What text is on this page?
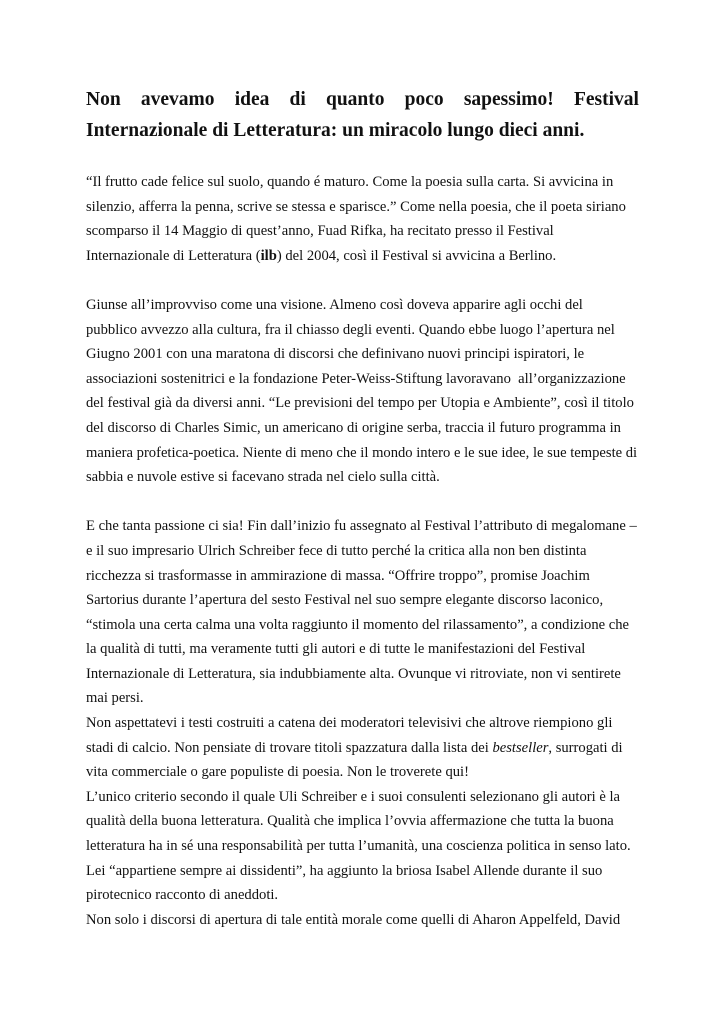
Non avevamo idea di quanto poco sapessimo! Festival
Internazionale di Letteratura: un miracolo lungo dieci anni.
“Il frutto cade felice sul suolo, quando é maturo. Come la poesia sulla carta. Si avvicina in
silenzio, afferra la penna, scrive se stessa e sparisce.” Come nella poesia, che il poeta siriano
scomparso il 14 Maggio di quest’anno, Fuad Rifka, ha recitato presso il Festival
Internazionale di Letteratura (ilb) del 2004, così il Festival si avvicina a Berlino.
Giunse all’improvviso come una visione. Almeno così doveva apparire agli occhi del
pubblico avvezzo alla cultura, fra il chiasso degli eventi. Quando ebbe luogo l’apertura nel
Giugno 2001 con una maratona di discorsi che definivano nuovi principi ispiratori, le
associazioni sostenitrici e la fondazione Peter-Weiss-Stiftung lavoravano  all’organizzazione
del festival già da diversi anni. “Le previsioni del tempo per Utopia e Ambiente”, così il titolo
del discorso di Charles Simic, un americano di origine serba, traccia il futuro programma in
maniera profetica-poetica. Niente di meno che il mondo intero e le sue idee, le sue tempeste di
sabbia e nuvole estive si facevano strada nel cielo sulla città.
E che tanta passione ci sia! Fin dall’inizio fu assegnato al Festival l’attributo di megalomane –
e il suo impresario Ulrich Schreiber fece di tutto perché la critica alla non ben distinta
ricchezza si trasformasse in ammirazione di massa. “Offrire troppo”, promise Joachim
Sartorius durante l’apertura del sesto Festival nel suo sempre elegante discorso laconico,
“stimola una certa calma una volta raggiunto il momento del rilassamento”, a condizione che
la qualità di tutti, ma veramente tutti gli autori e di tutte le manifestazioni del Festival
Internazionale di Letteratura, sia indubbiamente alta. Ovunque vi ritroviate, non vi sentirete
mai persi.
Non aspettatevi i testi costruiti a catena dei moderatori televisivi che altrove riempiono gli
stadi di calcio. Non pensiate di trovare titoli spazzatura dalla lista dei bestseller, surrogati di
vita commerciale o gare populiste di poesia. Non le troverete qui!
L’unico criterio secondo il quale Uli Schreiber e i suoi consulenti selezionano gli autori è la
qualità della buona letteratura. Qualità che implica l’ovvia affermazione che tutta la buona
letteratura ha in sé una responsabilità per tutta l’umanità, una coscienza politica in senso lato.
Lei “appartiene sempre ai dissidenti”, ha aggiunto la briosa Isabel Allende durante il suo
pirotecnico racconto di aneddoti.
Non solo i discorsi di apertura di tale entità morale come quelli di Aharon Appelfeld, David
